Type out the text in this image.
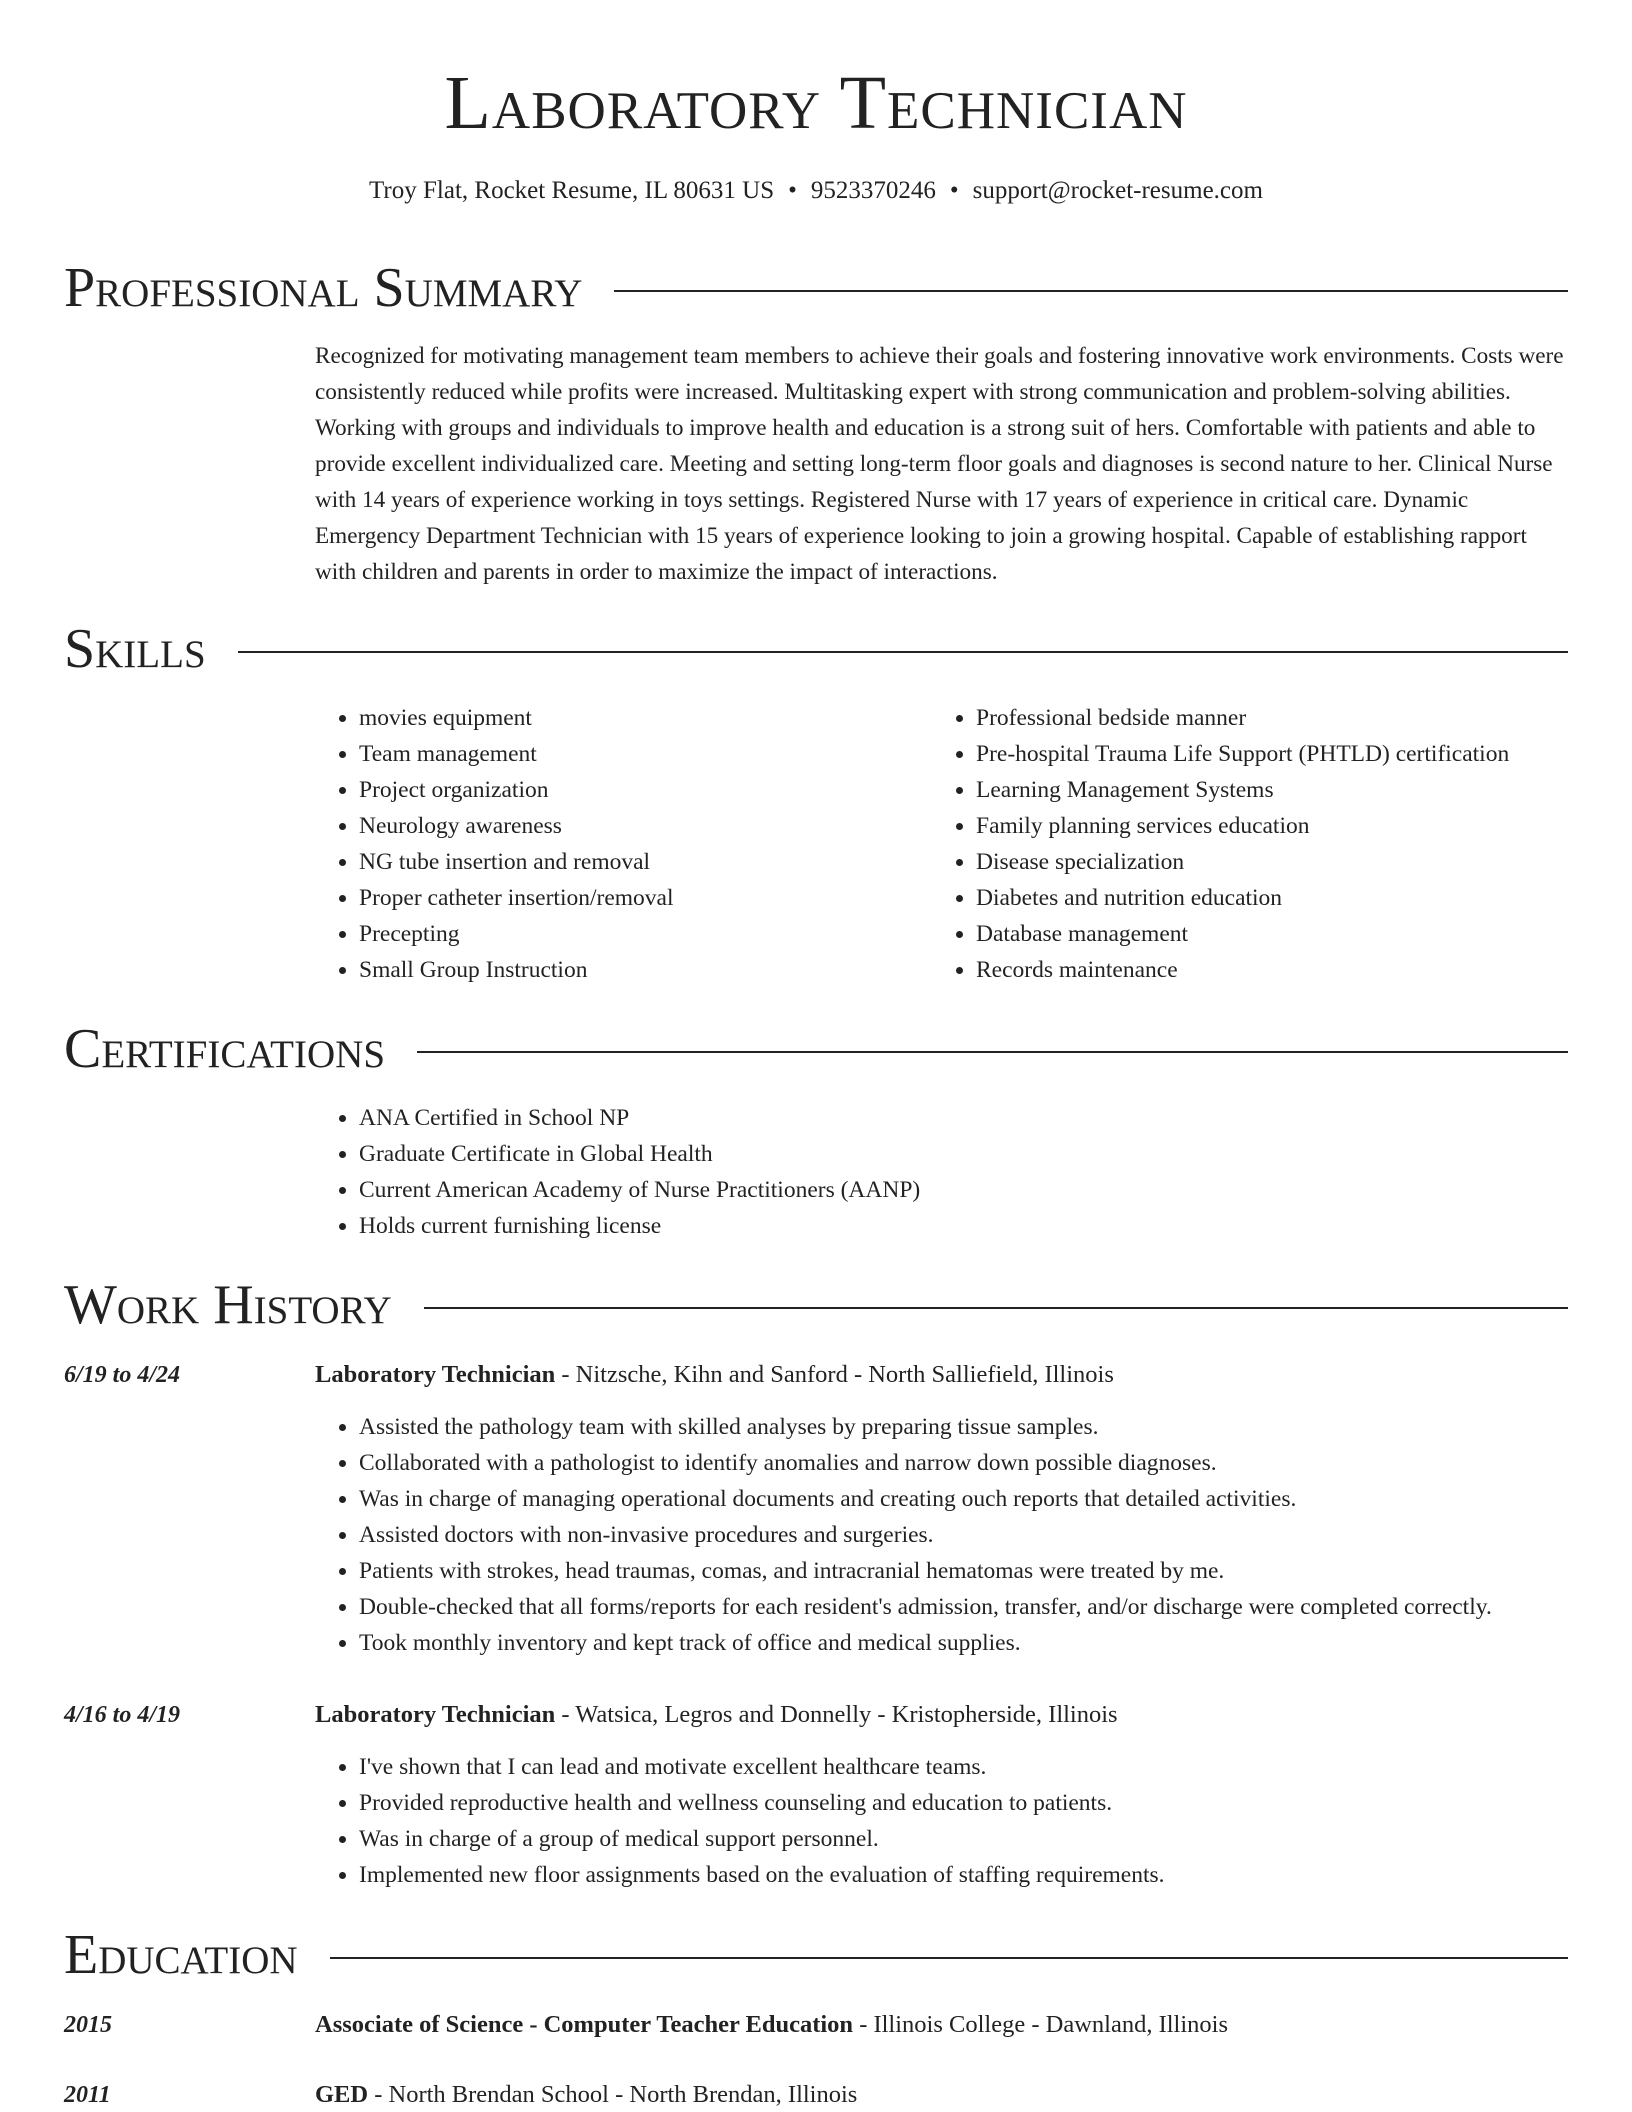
Laboratory Technician
Troy Flat, Rocket Resume, IL 80631 US • 9523370246 • support@rocket-resume.com
Professional Summary

Recognized for motivating management team members to achieve their goals and fostering innovative work environments. Costs were consistently reduced while profits were increased. Multitasking expert with strong communication and problem-solving abilities. Working with groups and individuals to improve health and education is a strong suit of hers. Comfortable with patients and able to provide excellent individualized care. Meeting and setting long-term floor goals and diagnoses is second nature to her. Clinical Nurse with 14 years of experience working in toys settings. Registered Nurse with 17 years of experience in critical care. Dynamic Emergency Department Technician with 15 years of experience looking to join a growing hospital. Capable of establishing rapport with children and parents in order to maximize the impact of interactions.

Skills
• movies equipment
• Team management
• Project organization
• Neurology awareness
• NG tube insertion and removal
• Proper catheter insertion/removal
• Precepting
• Small Group Instruction
• Professional bedside manner
• Pre-hospital Trauma Life Support (PHTLD) certification
• Learning Management Systems
• Family planning services education
• Disease specialization
• Diabetes and nutrition education
• Database management
• Records maintenance
Certifications
• ANA Certified in School NP
• Graduate Certificate in Global Health
• Current American Academy of Nurse Practitioners (AANP)
• Holds current furnishing license
Work History
6/19 to 4/24	Laboratory Technician - Nitzsche, Kihn and Sanford - North Salliefield, Illinois
• Assisted the pathology team with skilled analyses by preparing tissue samples.
• Collaborated with a pathologist to identify anomalies and narrow down possible diagnoses.
• Was in charge of managing operational documents and creating ouch reports that detailed activities.
• Assisted doctors with non-invasive procedures and surgeries.
• Patients with strokes, head traumas, comas, and intracranial hematomas were treated by me.
• Double-checked that all forms/reports for each resident's admission, transfer, and/or discharge were completed correctly.
• Took monthly inventory and kept track of office and medical supplies.
4/16 to 4/19	Laboratory Technician - Watsica, Legros and Donnelly - Kristopherside, Illinois
• I've shown that I can lead and motivate excellent healthcare teams.
• Provided reproductive health and wellness counseling and education to patients.
• Was in charge of a group of medical support personnel.
• Implemented new floor assignments based on the evaluation of staffing requirements.
Education
2015	Associate of Science - Computer Teacher Education - Illinois College - Dawnland, Illinois
2011	GED - North Brendan School - North Brendan, Illinois
